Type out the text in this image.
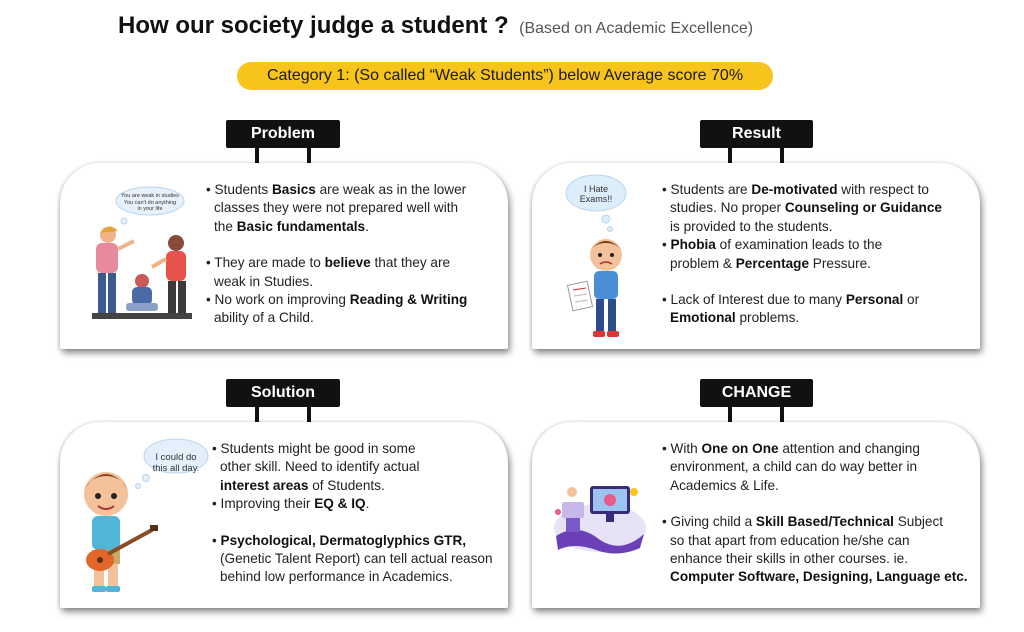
How our society judge a student ? (Based on Academic Excellence)
Category 1: (So called “Weak Students”) below Average score 70%
Problem
You are weak in studies
You can't do anything
in your life
• Students Basics are weak as in the lower
classes they were not prepared well with
the Basic fundamentals.
• They are made to believe that they are
weak in Studies.
• No work on improving Reading & Writing
ability of a Child.
Result
I Hate
Exams!!
• Students are De-motivated with respect to
studies. No proper Counseling or Guidance
is provided to the students.
• Phobia of examination leads to the
problem & Percentage Pressure.
• Lack of Interest due to many Personal or
Emotional problems.
Solution
I could do
this all day.
• Students might be good in some
other skill. Need to identify actual
interest areas of Students.
• Improving their EQ & IQ.
• Psychological, Dermatoglyphics GTR,
(Genetic Talent Report) can tell actual reason
behind low performance in Academics.
CHANGE
• With One on One attention and changing
environment, a child can do way better in
Academics & Life.
• Giving child a Skill Based/Technical Subject
so that apart from education he/she can
enhance their skills in other courses. ie.
Computer Software, Designing, Language etc.
